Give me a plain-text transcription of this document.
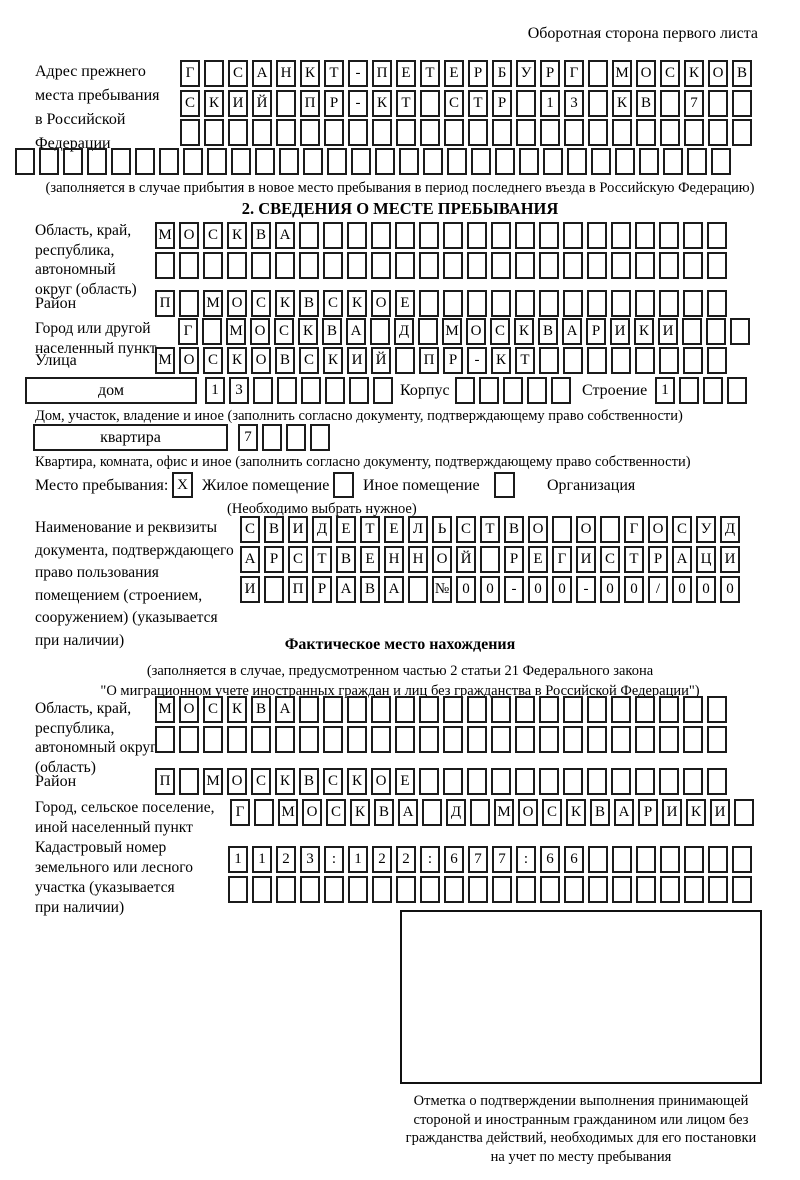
Оборотная сторона первого листа
Адрес прежнего
места пребывания
в Российской
Федерации
Г	С А Н К Т - П Е Т Е Р Б У Р Г М О С К О В
С К И Й П Р - К Т	С Т Р	1 3	К В	7
(заполняется в случае прибытия в новое место пребывания в период последнего въезда в Российскую Федерацию)
2. СВЕДЕНИЯ О МЕСТЕ ПРЕБЫВАНИЯ
Область, край,
республика,
автономный
округ (область)
М О С К В А
Район	П М О С К В С К О Е
Город или другой
населенный пункт
Г М О С К В А Д М О С К В А Р И К И
Улица	М О С К О В С К И Й П Р - К Т
дом	1 3	Корпус	Строение 1
Дом, участок, владение и иное (заполнить согласно документу, подтверждающему право собственности)
квартира	7
Квартира, комната, офис и иное (заполнить согласно документу, подтверждающему право собственности)
Место пребывания: X Жилое помещение Иное помещение	Организация
(Необходимо выбрать нужное)
Наименование и реквизиты
документа, подтверждающего
право пользования
помещением (строением,
сооружением) (указывается
при наличии)
С В И Д Е Т Е Л Ь С Т В О О	Г О С У Д
А Р С Т В Е Н Н О Й	Р Е Г И С Т Р А Ц И
И П Р А В А № 0 0 - 0 0 - 0 0 / 0 0 0
Фактическое место нахождения
(заполняется в случае, предусмотренном частью 2 статьи 21 Федерального закона
"О миграционном учете иностранных граждан и лиц без гражданства в Российской Федерации")
Область, край,
республика,
автономный округ
(область)
М О С К В А
Район	П М О С К В С К О Е
Город, сельское поселение,
иной населенный пункт
Г М О С К В А Д М О С К В А Р И К И
Кадастровый номер
земельного или лесного
участка (указывается
при наличии)
1 1 2 3 : 1 2 2 : 6 7 7 : 6 6
Отметка о подтверждении выполнения принимающей
стороной и иностранным гражданином или лицом без
гражданства действий, необходимых для его постановки
на учет по месту пребывания
